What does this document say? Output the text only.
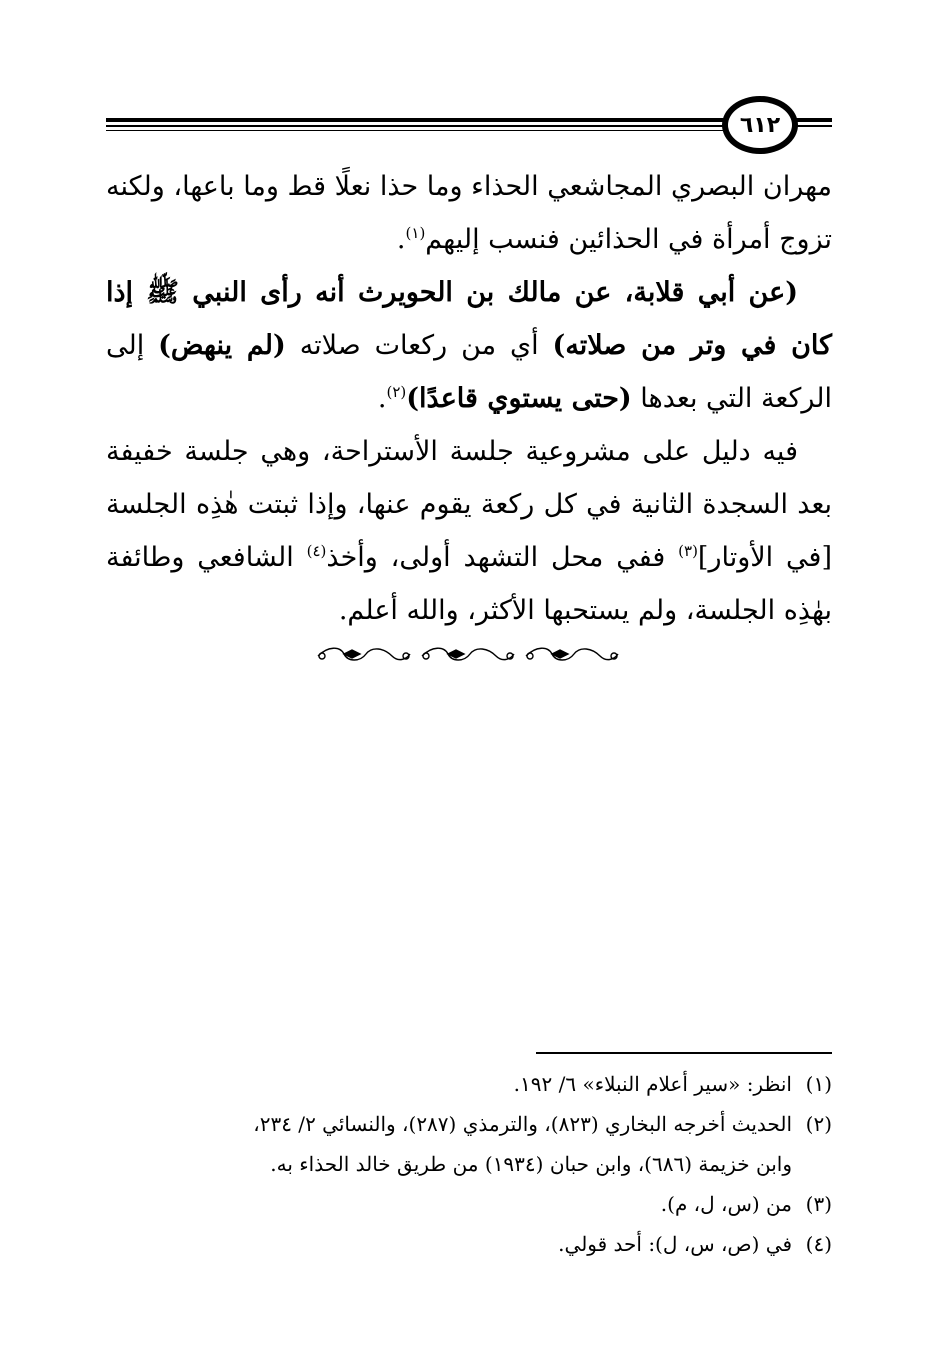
٦١٢

مهران البصري المجاشعي الحذاء وما حذا نعلًا قط وما باعها، ولكنه تزوج أمرأة في الحذائين فنسب إليهم$^{(١)}$.

(عن أبي قلابة، عن مالك بن الحويرث أنه رأى النبي ﷺ إذا كان في وتر من صلاته) أي من ركعات صلاته (لم ينهض) إلى الركعة التي بعدها (حتى يستوي قاعدًا)$^{(٢)}$.

فيه دليل على مشروعية جلسة الأستراحة، وهي جلسة خفيفة بعد السجدة الثانية في كل ركعة يقوم عنها، وإذا ثبتت هٰذِه الجلسة [في الأوتار]$^{(٣)}$ ففي محل التشهد أولى، وأخذ$^{(٤)}$ الشافعي وطائفة بهٰذِه الجلسة، ولم يستحبها الأكثر، والله أعلم.

(١)
انظر: «سير أعلام النبلاء» ٦/ ١٩٢.
(٢)
الحديث أخرجه البخاري (٨٢٣)، والترمذي (٢٨٧)، والنسائي ٢/ ٢٣٤،
وابن خزيمة (٦٨٦)، وابن حبان (١٩٣٤) من طريق خالد الحذاء به.
(٣)
من (س، ل، م).
(٤)
في (ص، س، ل): أحد قولي.
